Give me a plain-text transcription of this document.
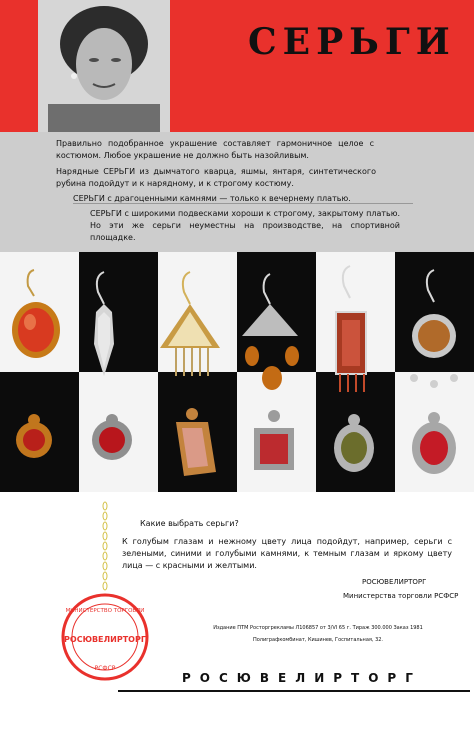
СЕРЬГИ
Правильно подобранное украшение составляет гармоничное целое с костюмом. Любое украшение не должно быть назойливым.
Нарядные СЕРЬГИ из дымчатого кварца, яшмы, янтаря, синтетического рубина подойдут и к нарядному, и к строгому костюму.
СЕРЬГИ с драгоценными камнями — только к вечернему платью.
СЕРЬГИ с широкими подвесками хороши к строгому, закрытому платью. Но эти же серьги неуместны на производстве, на спортивной площадке.
Какие выбрать серьги?
К голубым глазам и нежному цвету лица подойдут, например, серьги с зелеными, синими и голубыми камнями, к темным глазам и яркому цвету лица — с красными и желтыми.
РОСЮВЕЛИРТОРГ
Министерства торговли РСФСР
Издание ПТМ Росторгрекламы Л106857 от 3/VI 65 г. Тираж 300.000 Заказ 1981
Полиграфкомбинат, Кишинев, Госпитальная, 32.
МИНИСТЕРСТВО ТОРГОВЛИ
РОСЮВЕЛИРТОРГ
РСФСР
РОСЮВЕЛИРТОРГ
